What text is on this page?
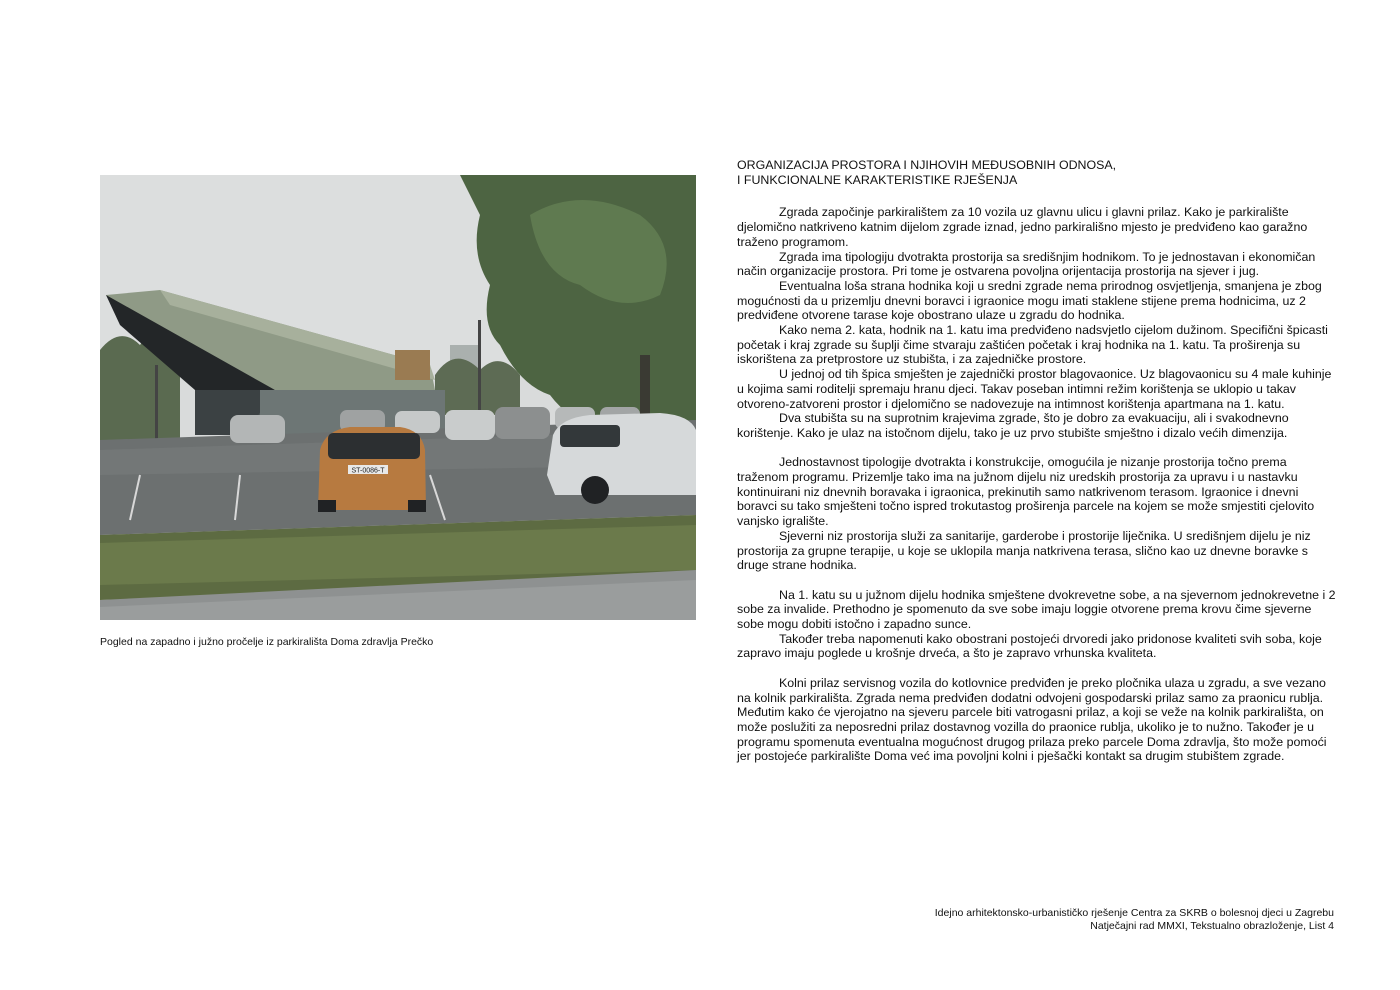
ST-0086-T
Pogled na zapadno i južno pročelje iz parkirališta Doma zdravlja Prečko
ORGANIZACIJA PROSTORA I NJIHOVIH MEĐUSOBNIH ODNOSA,
I FUNKCIONALNE KARAKTERISTIKE RJEŠENJA

Zgrada započinje parkiralištem za 10 vozila uz glavnu ulicu i glavni prilaz. Kako je parkiralište djelomično natkriveno katnim dijelom zgrade iznad, jedno parkirališno mjesto je predviđeno kao garažno traženo programom.

Zgrada ima tipologiju dvotrakta prostorija sa središnjim hodnikom. To je jednostavan i ekonomičan način organizacije prostora. Pri tome je ostvarena povoljna orijentacija prostorija na sjever i jug.

Eventualna loša strana hodnika koji u sredni zgrade nema prirodnog osvjetljenja, smanjena je zbog mogućnosti da u prizemlju dnevni boravci i igraonice mogu imati staklene stijene prema hodnicima, uz 2 predviđene otvorene tarase koje obostrano ulaze u zgradu do hodnika.

Kako nema 2. kata, hodnik na 1. katu ima predviđeno nadsvjetlo cijelom dužinom. Specifični špicasti početak i kraj zgrade su šuplji čime stvaraju zaštićen početak i kraj hodnika na 1. katu. Ta proširenja su iskorištena za pretprostore uz stubišta, i za zajedničke prostore.

U jednoj od tih špica smješten je zajednički prostor blagovaonice. Uz blagovaonicu su 4 male kuhinje u kojima sami roditelji spremaju hranu djeci. Takav poseban intimni režim korištenja se uklopio u takav otvoreno-zatvoreni prostor i djelomično se nadovezuje na intimnost korištenja apartmana na 1. katu.

Dva stubišta su na suprotnim krajevima zgrade, što je dobro za evakuaciju, ali i svakodnevno korištenje. Kako je ulaz na istočnom dijelu, tako je uz prvo stubište smještno i dizalo većih dimenzija.

Jednostavnost tipologije dvotrakta i konstrukcije, omogućila je nizanje prostorija točno prema traženom programu. Prizemlje tako ima na južnom dijelu niz uredskih prostorija za upravu i u nastavku kontinuirani niz dnevnih boravaka i igraonica, prekinutih samo natkrivenom terasom. Igraonice i dnevni boravci su tako smješteni točno ispred trokutastog proširenja parcele na kojem se može smjestiti cjelovito vanjsko igralište.

Sjeverni niz prostorija služi za sanitarije, garderobe i prostorije liječnika. U središnjem dijelu je niz prostorija za grupne terapije, u koje se uklopila manja natkrivena terasa, slično kao uz dnevne boravke s druge strane hodnika.

Na 1. katu su u južnom dijelu hodnika smještene dvokrevetne sobe, a na sjevernom jednokrevetne i 2 sobe za invalide. Prethodno je spomenuto da sve sobe imaju loggie otvorene prema krovu čime sjeverne sobe mogu dobiti istočno i zapadno sunce.

Također treba napomenuti kako obostrani postojeći drvoredi jako pridonose kvaliteti svih soba, koje zapravo imaju poglede u krošnje drveća, a što je zapravo vrhunska kvaliteta.

Kolni prilaz servisnog vozila do kotlovnice predviđen je preko pločnika ulaza u zgradu, a sve vezano na kolnik parkirališta. Zgrada nema predviđen dodatni odvojeni gospodarski prilaz samo za praonicu rublja. Međutim kako će vjerojatno na sjeveru parcele biti vatrogasni prilaz, a koji se veže na kolnik parkirališta, on može poslužiti za neposredni prilaz dostavnog vozilla do praonice rublja, ukoliko je to nužno. Također je u programu spomenuta eventualna mogućnost drugog prilaza preko parcele Doma zdravlja, što može pomoći jer postojeće parkiralište Doma već ima povoljni kolni i pješački kontakt sa drugim stubištem zgrade.

Idejno arhitektonsko-urbanističko rješenje Centra za SKRB o bolesnoj djeci u Zagrebu
Natječajni rad MMXI, Tekstualno obrazloženje, List 4
